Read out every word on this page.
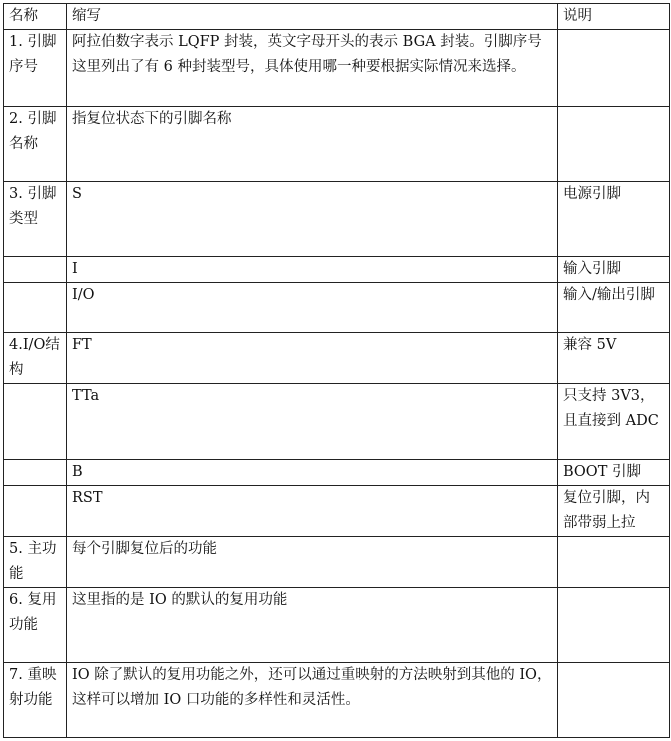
名称	缩写	说明
1. 引脚序号	阿拉伯数字表示 LQFP 封装，英文字母开头的表示 BGA 封装。引脚序号这里列出了有 6 种封装型号，具体使用哪一种要根据实际情况来选择。	
2. 引脚名称	指复位状态下的引脚名称	
3. 引脚类型	S	电源引脚
	I	输入引脚
	I/O	输入/输出引脚
4.I/O结构	FT	兼容 5V
	TTa	只支持 3V3，且直接到 ADC
	B	BOOT 引脚
	RST	复位引脚，内部带弱上拉
5. 主功能	每个引脚复位后的功能	
6. 复用功能	这里指的是 IO 的默认的复用功能	
7. 重映射功能	IO 除了默认的复用功能之外，还可以通过重映射的方法映射到其他的 IO，这样可以增加 IO 口功能的多样性和灵活性。	
